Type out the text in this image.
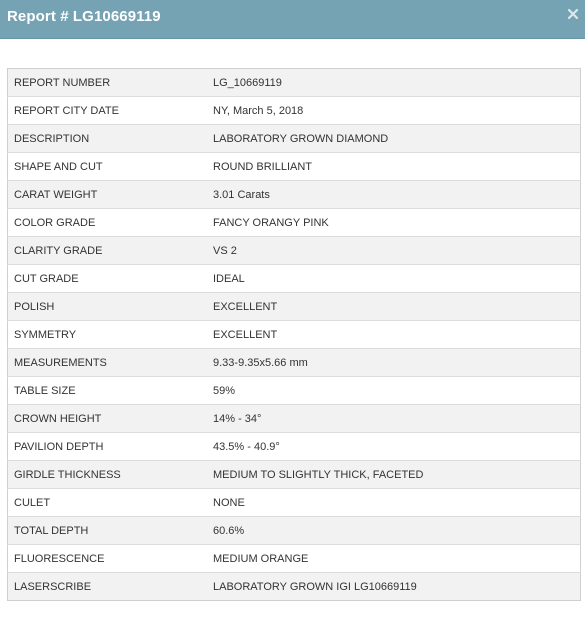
Report # LG10669119
REPORT NUMBER	LG_10669119
REPORT CITY DATE	NY, March 5, 2018
DESCRIPTION	LABORATORY GROWN DIAMOND
SHAPE AND CUT	ROUND BRILLIANT
CARAT WEIGHT	3.01 Carats
COLOR GRADE	FANCY ORANGY PINK
CLARITY GRADE	VS 2
CUT GRADE	IDEAL
POLISH	EXCELLENT
SYMMETRY	EXCELLENT
MEASUREMENTS	9.33-9.35x5.66 mm
TABLE SIZE	59%
CROWN HEIGHT	14% - 34°
PAVILION DEPTH	43.5% - 40.9°
GIRDLE THICKNESS	MEDIUM TO SLIGHTLY THICK, FACETED
CULET	NONE
TOTAL DEPTH	60.6%
FLUORESCENCE	MEDIUM ORANGE
LASERSCRIBE	LABORATORY GROWN IGI LG10669119
